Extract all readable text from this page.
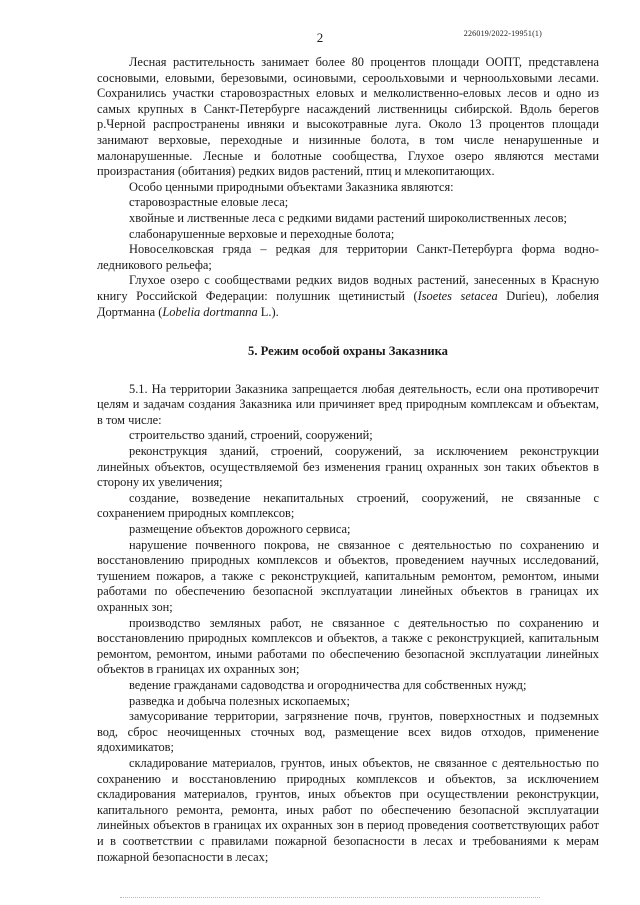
2	226019/2022-19951(1)

Лесная растительность занимает более 80 процентов площади ООПТ, представлена сосновыми, еловыми, березовыми, осиновыми, сероольховыми и черноольховыми лесами. Сохранились участки старовозрастных еловых и мелколиственно-еловых лесов и одно из самых крупных в Санкт-Петербурге насаждений лиственницы сибирской. Вдоль берегов р.Черной распространены ивняки и высокотравные луга. Около 13 процентов площади занимают верховые, переходные и низинные болота, в том числе ненарушенные и малонарушенные. Лесные и болотные сообщества, Глухое озеро являются местами произрастания (обитания) редких видов растений, птиц и млекопитающих.

Особо ценными природными объектами Заказника являются:

старовозрастные еловые леса;

хвойные и лиственные леса с редкими видами растений широколиственных лесов;

слабонарушенные верховые и переходные болота;

Новоселковская гряда – редкая для территории Санкт-Петербурга форма водно-ледникового рельефа;

Глухое озеро с сообществами редких видов водных растений, занесенных в Красную книгу Российской Федерации: полушник щетинистый (Isoetes setacea Durieu), лобелия Дортманна (Lobelia dortmanna L.).

5. Режим особой охраны Заказника

5.1. На территории Заказника запрещается любая деятельность, если она противоречит целям и задачам создания Заказника или причиняет вред природным комплексам и объектам, в том числе:

строительство зданий, строений, сооружений;

реконструкция зданий, строений, сооружений, за исключением реконструкции линейных объектов, осуществляемой без изменения границ охранных зон таких объектов в сторону их увеличения;

создание, возведение некапитальных строений, сооружений, не связанные с сохранением природных комплексов;

размещение объектов дорожного сервиса;

нарушение почвенного покрова, не связанное с деятельностью по сохранению и восстановлению природных комплексов и объектов, проведением научных исследований, тушением пожаров, а также с реконструкцией, капитальным ремонтом, ремонтом, иными работами по обеспечению безопасной эксплуатации линейных объектов в границах их охранных зон;

производство земляных работ, не связанное с деятельностью по сохранению и восстановлению природных комплексов и объектов, а также с реконструкцией, капитальным ремонтом, ремонтом, иными работами по обеспечению безопасной эксплуатации линейных объектов в границах их охранных зон;

ведение гражданами садоводства и огородничества для собственных нужд;

разведка и добыча полезных ископаемых;

замусоривание территории, загрязнение почв, грунтов, поверхностных и подземных вод, сброс неочищенных сточных вод, размещение всех видов отходов, применение ядохимикатов;

складирование материалов, грунтов, иных объектов, не связанное с деятельностью по сохранению и восстановлению природных комплексов и объектов, за исключением складирования материалов, грунтов, иных объектов при осуществлении реконструкции, капитального ремонта, ремонта, иных работ по обеспечению безопасной эксплуатации линейных объектов в границах их охранных зон в период проведения соответствующих работ и в соответствии с правилами пожарной безопасности в лесах и требованиями к мерам пожарной безопасности в лесах;
